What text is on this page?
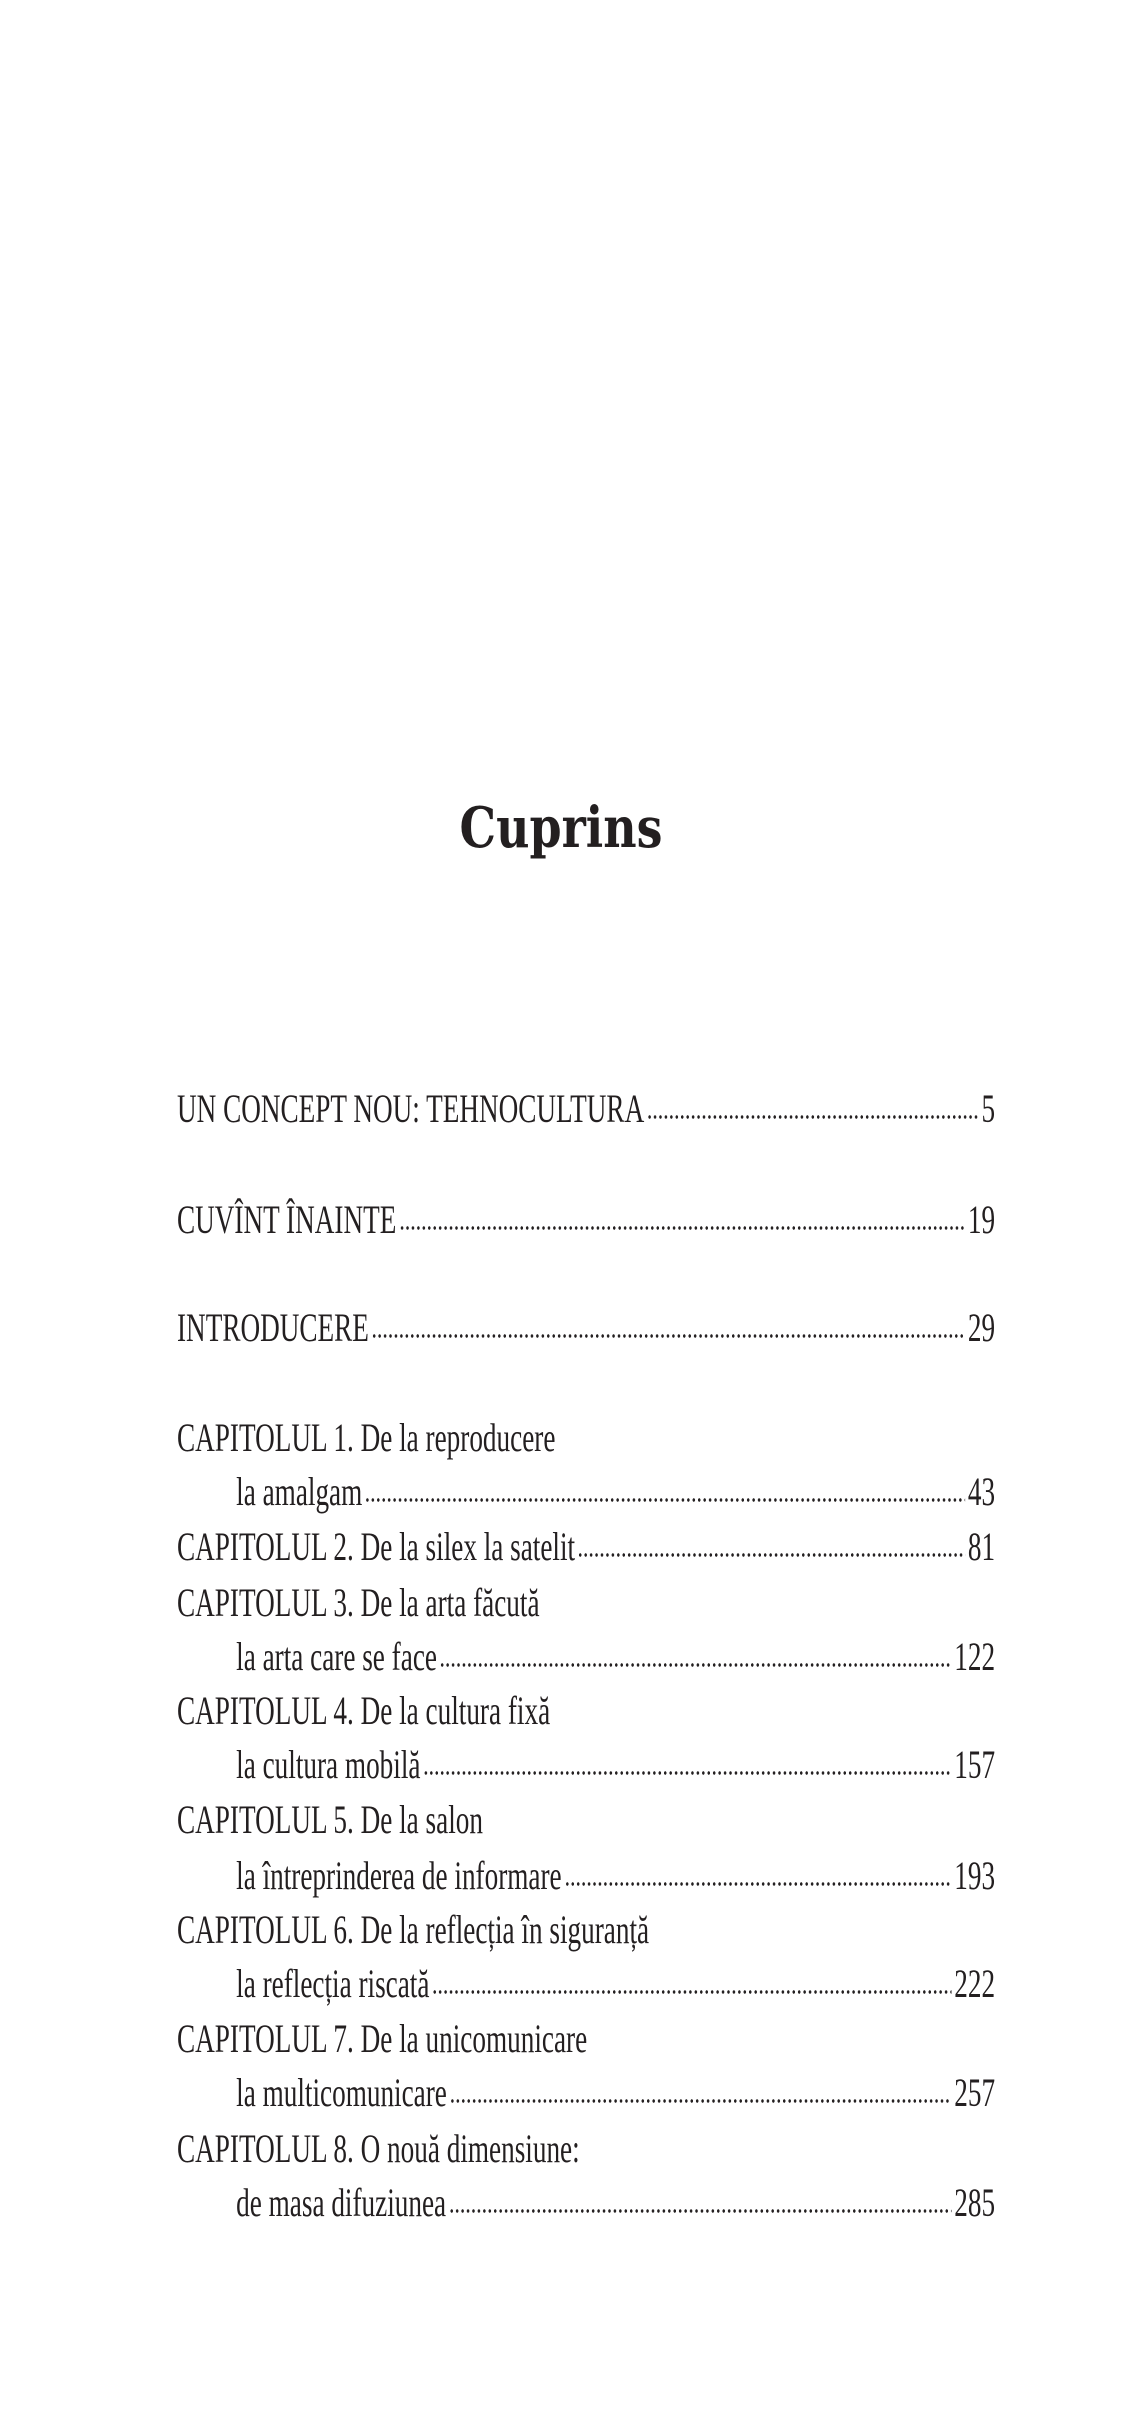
Cuprins
UN CONCEPT NOU: TEHNOCULTURA	5
CUVÎNT ÎNAINTE	19
INTRODUCERE	29
CAPITOLUL 1. De la reproducere
la amalgam	43
CAPITOLUL 2. De la silex la satelit	81
CAPITOLUL 3. De la arta făcută
la arta care se face	122
CAPITOLUL 4. De la cultura fixă
la cultura mobilă	157
CAPITOLUL 5. De la salon
la întreprinderea de informare	193
CAPITOLUL 6. De la reflecția în siguranță
la reflecția riscată	222
CAPITOLUL 7. De la unicomunicare
la multicomunicare	257
CAPITOLUL 8. O nouă dimensiune:
de masa difuziunea	285
